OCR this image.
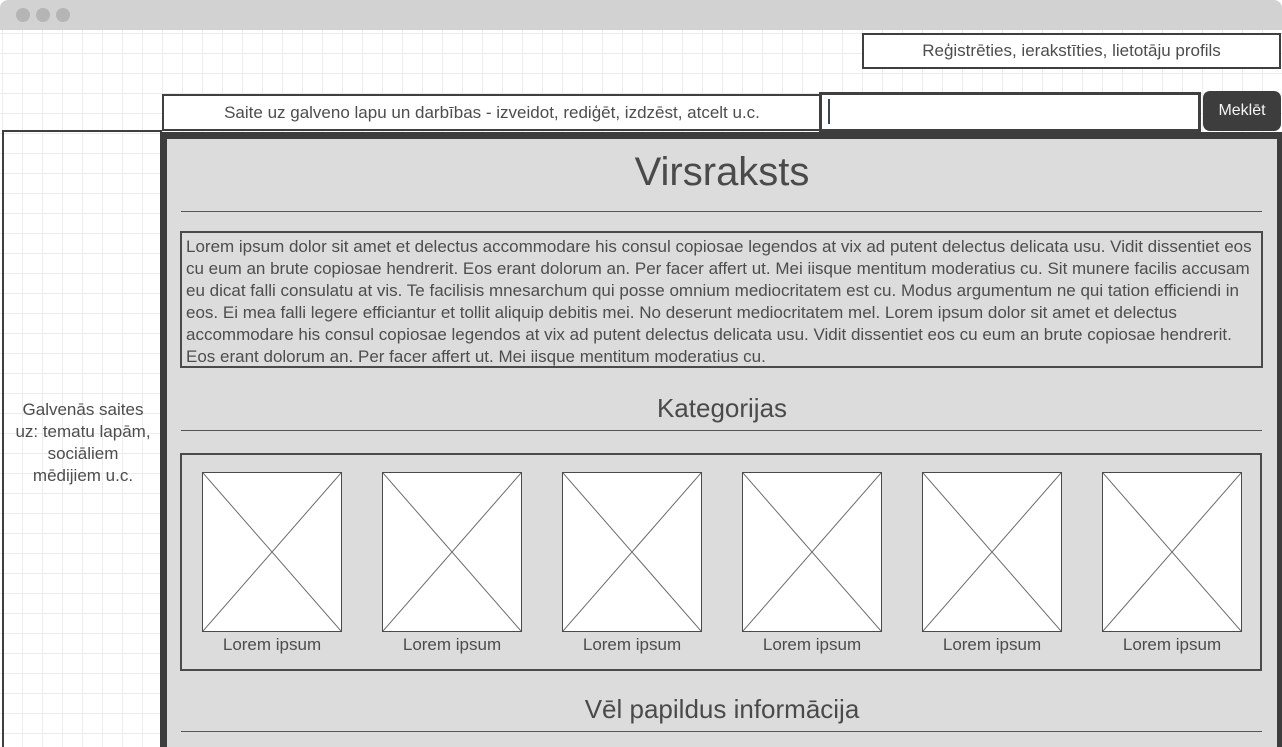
Reģistrēties, ierakstīties, lietotāju profils
Saite uz galveno lapu un darbības - izveidot, rediģēt, izdzēst, atcelt u.c.	Meklēt
Galvenās saites uz: tematu lapām, sociāliem mēdijiem u.c.
Virsraksts

Lorem ipsum dolor sit amet et delectus accommodare his consul copiosae legendos at vix ad putent delectus delicata usu. Vidit dissentiet eos cu eum an brute copiosae hendrerit. Eos erant dolorum an. Per facer affert ut. Mei iisque mentitum moderatius cu. Sit munere facilis accusam eu dicat falli consulatu at vis. Te facilisis mnesarchum qui posse omnium mediocritatem est cu. Modus argumentum ne qui tation efficiendi in eos. Ei mea falli legere efficiantur et tollit aliquip debitis mei. No deserunt mediocritatem mel. Lorem ipsum dolor sit amet et delectus accommodare his consul copiosae legendos at vix ad putent delectus delicata usu. Vidit dissentiet eos cu eum an brute copiosae hendrerit. Eos erant dolorum an. Per facer affert ut. Mei iisque mentitum moderatius cu.

Kategorijas
Lorem ipsum	Lorem ipsum	Lorem ipsum	Lorem ipsum	Lorem ipsum	Lorem ipsum
Vēl papildus informācija
